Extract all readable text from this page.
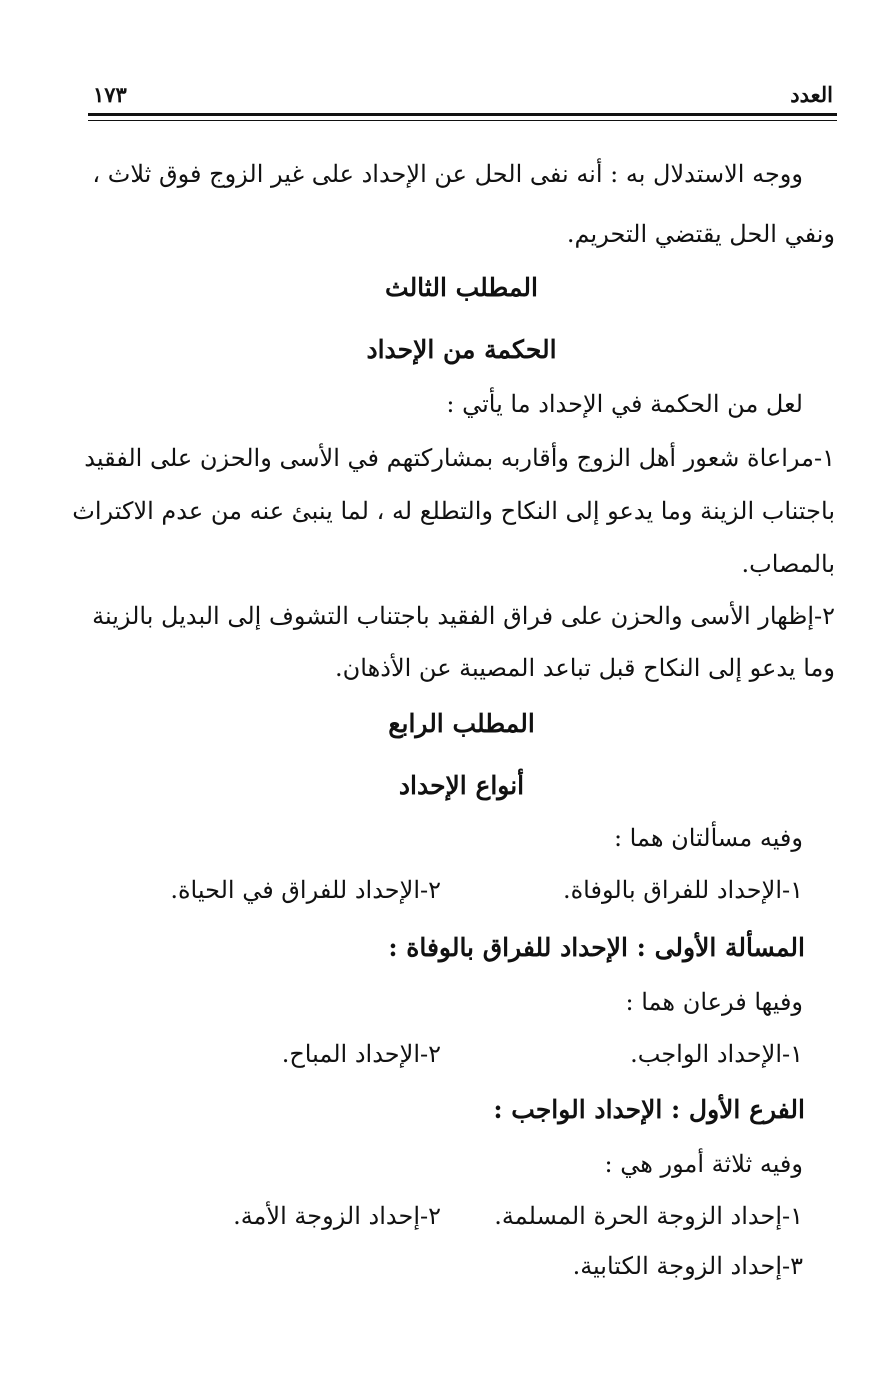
العدد
١٧٣
ووجه الاستدلال به : أنه نفى الحل عن الإحداد على غير الزوج فوق ثلاث ،
ونفي الحل يقتضي التحريم.
المطلب الثالث
الحكمة من الإحداد
لعل من الحكمة في الإحداد ما يأتي :
١-مراعاة شعور أهل الزوج وأقاربه بمشاركتهم في الأسى والحزن على الفقيد
باجتناب الزينة وما يدعو إلى النكاح والتطلع له ، لما ينبئ عنه من عدم الاكتراث
بالمصاب.
٢-إظهار الأسى والحزن على فراق الفقيد باجتناب التشوف إلى البديل بالزينة
وما يدعو إلى النكاح قبل تباعد المصيبة عن الأذهان.
المطلب الرابع
أنواع الإحداد
وفيه مسألتان هما :
١-الإحداد للفراق بالوفاة.
٢-الإحداد للفراق في الحياة.
المسألة الأولى : الإحداد للفراق بالوفاة :
وفيها فرعان هما :
١-الإحداد الواجب.
٢-الإحداد المباح.
الفرع الأول : الإحداد الواجب :
وفيه ثلاثة أمور هي :
١-إحداد الزوجة الحرة المسلمة.
٢-إحداد الزوجة الأمة.
٣-إحداد الزوجة الكتابية.
